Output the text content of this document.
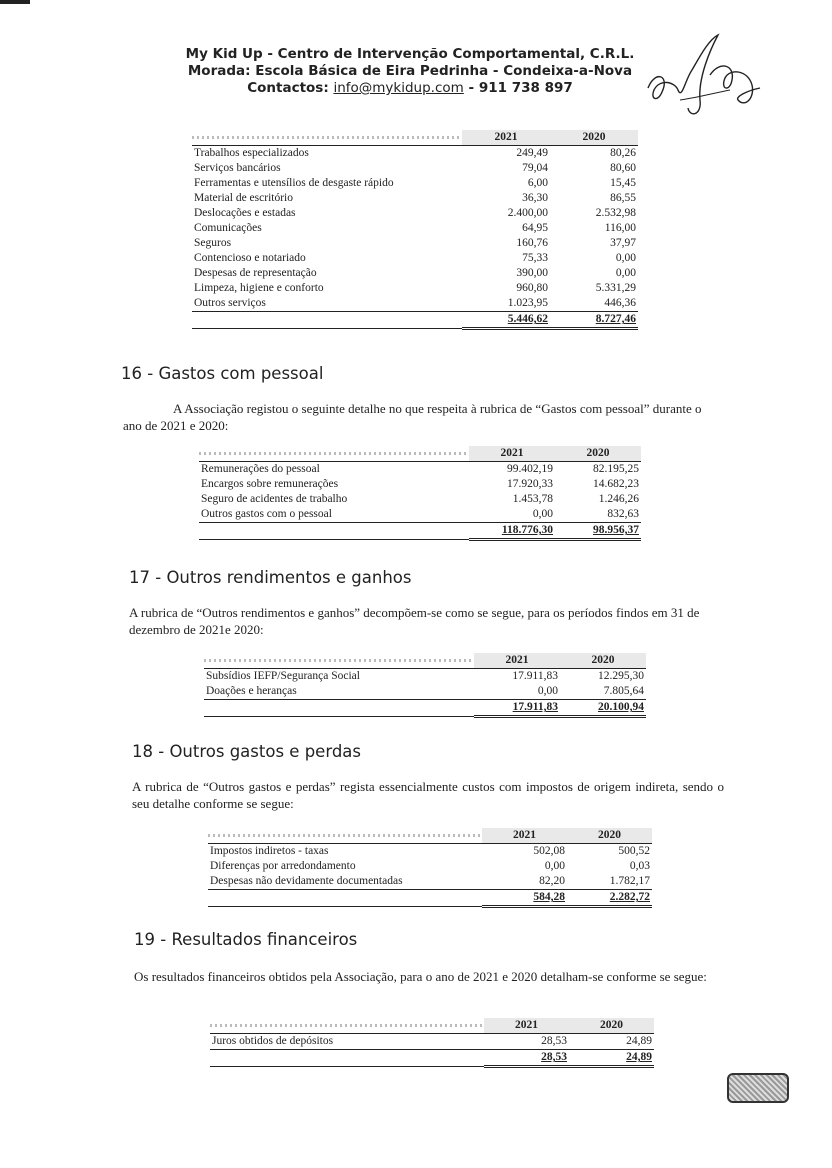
My Kid Up - Centro de Intervenção Comportamental, C.R.L.
Morada: Escola Básica de Eira Pedrinha - Condeixa-a-Nova
Contactos: info@mykidup.com - 911 738 897
	2021	2020
Trabalhos especializados	249,49	80,26
Serviços bancários	79,04	80,60
Ferramentas e utensílios de desgaste rápido	6,00	15,45
Material de escritório	36,30	86,55
Deslocações e estadas	2.400,00	2.532,98
Comunicações	64,95	116,00
Seguros	160,76	37,97
Contencioso e notariado	75,33	0,00
Despesas de representação	390,00	0,00
Limpeza, higiene e conforto	960,80	5.331,29
Outros serviços	1.023,95	446,36
	5.446,62	8.727,46
16 - Gastos com pessoal
A Associação registou o seguinte detalhe no que respeita à rubrica de “Gastos com pessoal” durante o ano de 2021 e 2020:
	2021	2020
Remunerações do pessoal	99.402,19	82.195,25
Encargos sobre remunerações	17.920,33	14.682,23
Seguro de acidentes de trabalho	1.453,78	1.246,26
Outros gastos com o pessoal	0,00	832,63
	118.776,30	98.956,37
17 - Outros rendimentos e ganhos
A rubrica de “Outros rendimentos e ganhos” decompõem-se como se segue, para os períodos findos em 31 de dezembro de 2021e 2020:
	2021	2020
Subsídios IEFP/Segurança Social	17.911,83	12.295,30
Doações e heranças	0,00	7.805,64
	17.911,83	20.100,94
18 - Outros gastos e perdas
A rubrica de “Outros gastos e perdas” regista essencialmente custos com impostos de origem indireta, sendo o seu detalhe conforme se segue:
	2021	2020
Impostos indiretos - taxas	502,08	500,52
Diferenças por arredondamento	0,00	0,03
Despesas não devidamente documentadas	82,20	1.782,17
	584,28	2.282,72
19 - Resultados financeiros
Os resultados financeiros obtidos pela Associação, para o ano de 2021 e 2020 detalham-se conforme se segue:
	2021	2020
Juros obtidos de depósitos	28,53	24,89
	28,53	24,89
